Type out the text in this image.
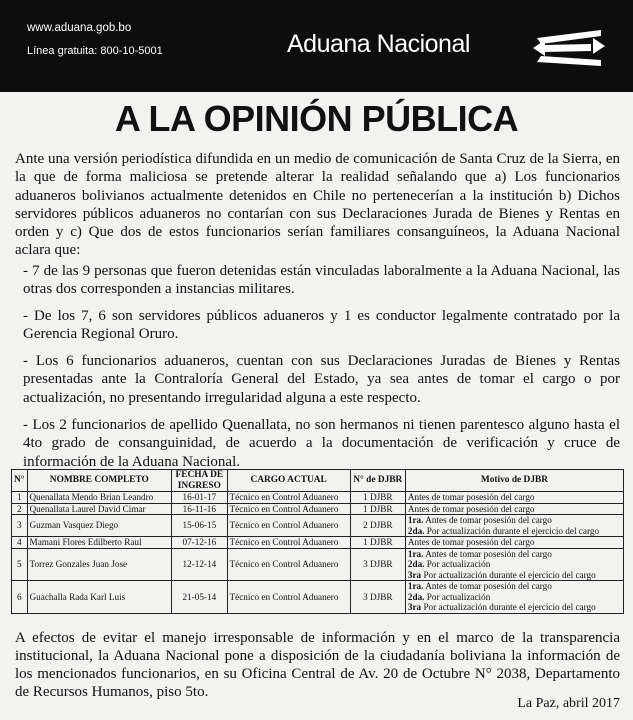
www.aduana.gob.bo
Línea gratuita: 800-10-5001	Aduana Nacional
A LA OPINIÓN PÚBLICA
Ante una versión periodística difundida en un medio de comunicación de Santa Cruz de la Sierra, en la que de forma maliciosa se pretende alterar la realidad señalando que a) Los funcionarios aduaneros bolivianos actualmente detenidos en Chile no pertenecerían a la institución b) Dichos servidores públicos aduaneros no contarían con sus Declaraciones Jurada de Bienes y Rentas en orden y c) Que dos de estos funcionarios serían familiares consanguíneos, la Aduana Nacional aclara que:
- 7 de las 9 personas que fueron detenidas están vinculadas laboralmente a la Aduana Nacional, las otras dos corresponden a instancias militares.
- De los 7, 6 son servidores públicos aduaneros y 1 es conductor legalmente contratado por la Gerencia Regional Oruro.
- Los 6 funcionarios aduaneros, cuentan con sus Declaraciones Juradas de Bienes y Rentas presentadas ante la Contraloría General del Estado, ya sea antes de tomar el cargo o por actualización, no presentando irregularidad alguna a este respecto.
- Los 2 funcionarios de apellido Quenallata, no son hermanos ni tienen parentesco alguno hasta el 4to grado de consanguinidad, de acuerdo a la documentación de verificación y cruce de información de la Aduana Nacional.
N°	NOMBRE COMPLETO	FECHA DE INGRESO	CARGO ACTUAL	N° de DJBR	Motivo de DJBR
1	Quenallata Mendo Brian Leandro	16-01-17	Técnico en Control Aduanero	1 DJBR	Antes de tomar posesión del cargo

2	Quenallata Laurel David Cimar	16-11-16	Técnico en Control Aduanero	1 DJBR	Antes de tomar posesión del cargo

3	Guzman Vasquez Diego	15-06-15	Técnico en Control Aduanero	2 DJBR	1ra. Antes de tomar posesión del cargo
2da. Por actualización durante el ejercicio del cargo

4	Mamani Flores Edilberto Raul	07-12-16	Técnico en Control Aduanero	1 DJBR	Antes de tomar posesión del cargo

5	Torrez Gonzales Juan Jose	12-12-14	Técnico en Control Aduanero	3 DJBR	1ra. Antes de tomar posesión del cargo
2da. Por actualización
3ra Por actualización durante el ejercicio del cargo

6	Guachalla Rada Karl Luis	21-05-14	Técnico en Control Aduanero	3 DJBR	1ra. Antes de tomar posesión del cargo
2da. Por actualización
3ra Por actualización durante el ejercicio del cargo
A efectos de evitar el manejo irresponsable de información y en el marco de la transparencia institucional, la Aduana Nacional pone a disposición de la ciudadanía boliviana la información de los mencionados funcionarios, en su Oficina Central de Av. 20 de Octubre N° 2038, Departamento de Recursos Humanos, piso 5to.
La Paz, abril 2017
